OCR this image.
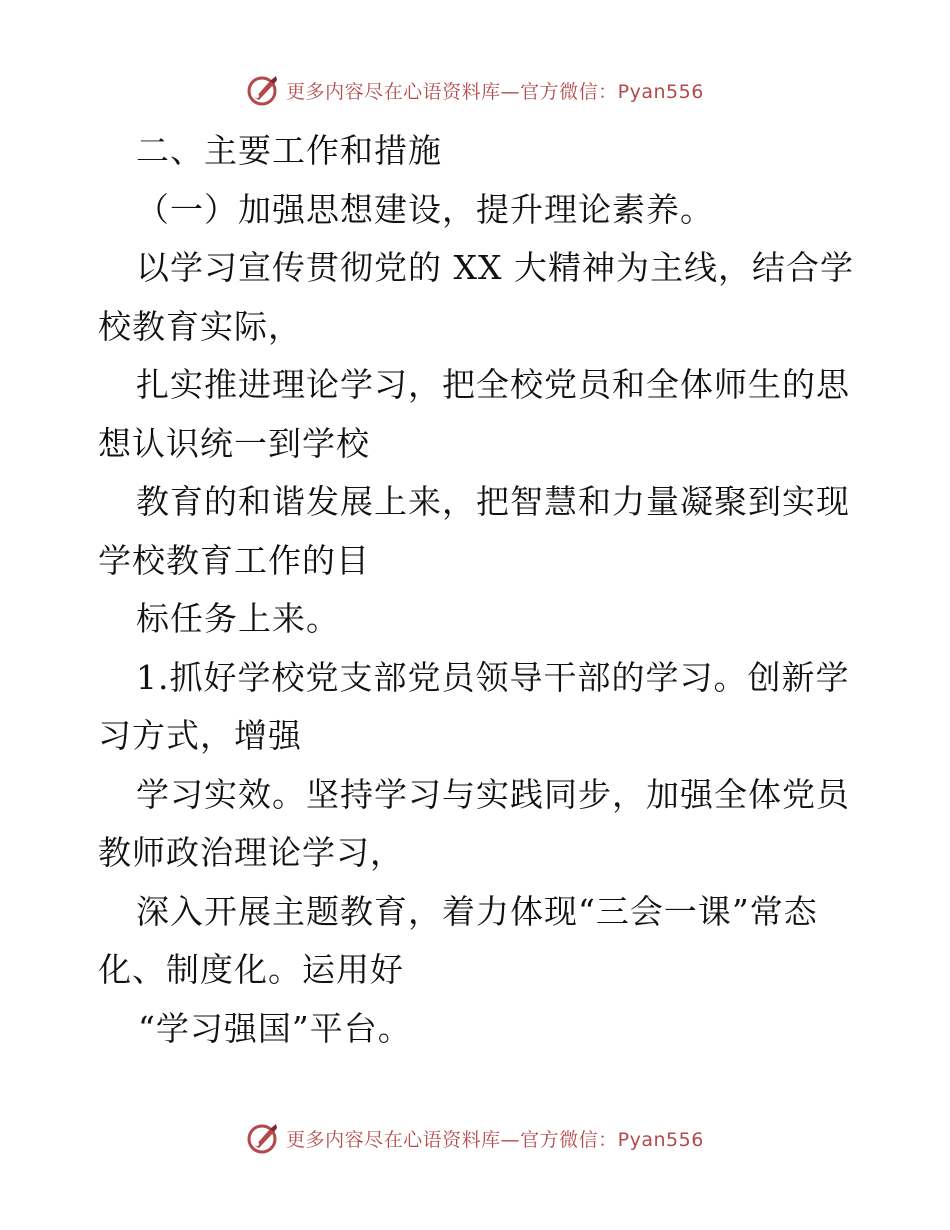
更多内容尽在心语资料库—官方微信：Pyan556
二、主要工作和措施
（一）加强思想建设，提升理论素养。
以学习宣传贯彻党的 XX 大精神为主线，结合学
校教育实际，
扎实推进理论学习，把全校党员和全体师生的思
想认识统一到学校
教育的和谐发展上来，把智慧和力量凝聚到实现
学校教育工作的目
标任务上来。
1.抓好学校党支部党员领导干部的学习。创新学
习方式，增强
学习实效。坚持学习与实践同步，加强全体党员
教师政治理论学习，
深入开展主题教育，着力体现“三会一课”常态
化、制度化。运用好
“学习强国”平台。
更多内容尽在心语资料库—官方微信：Pyan556
